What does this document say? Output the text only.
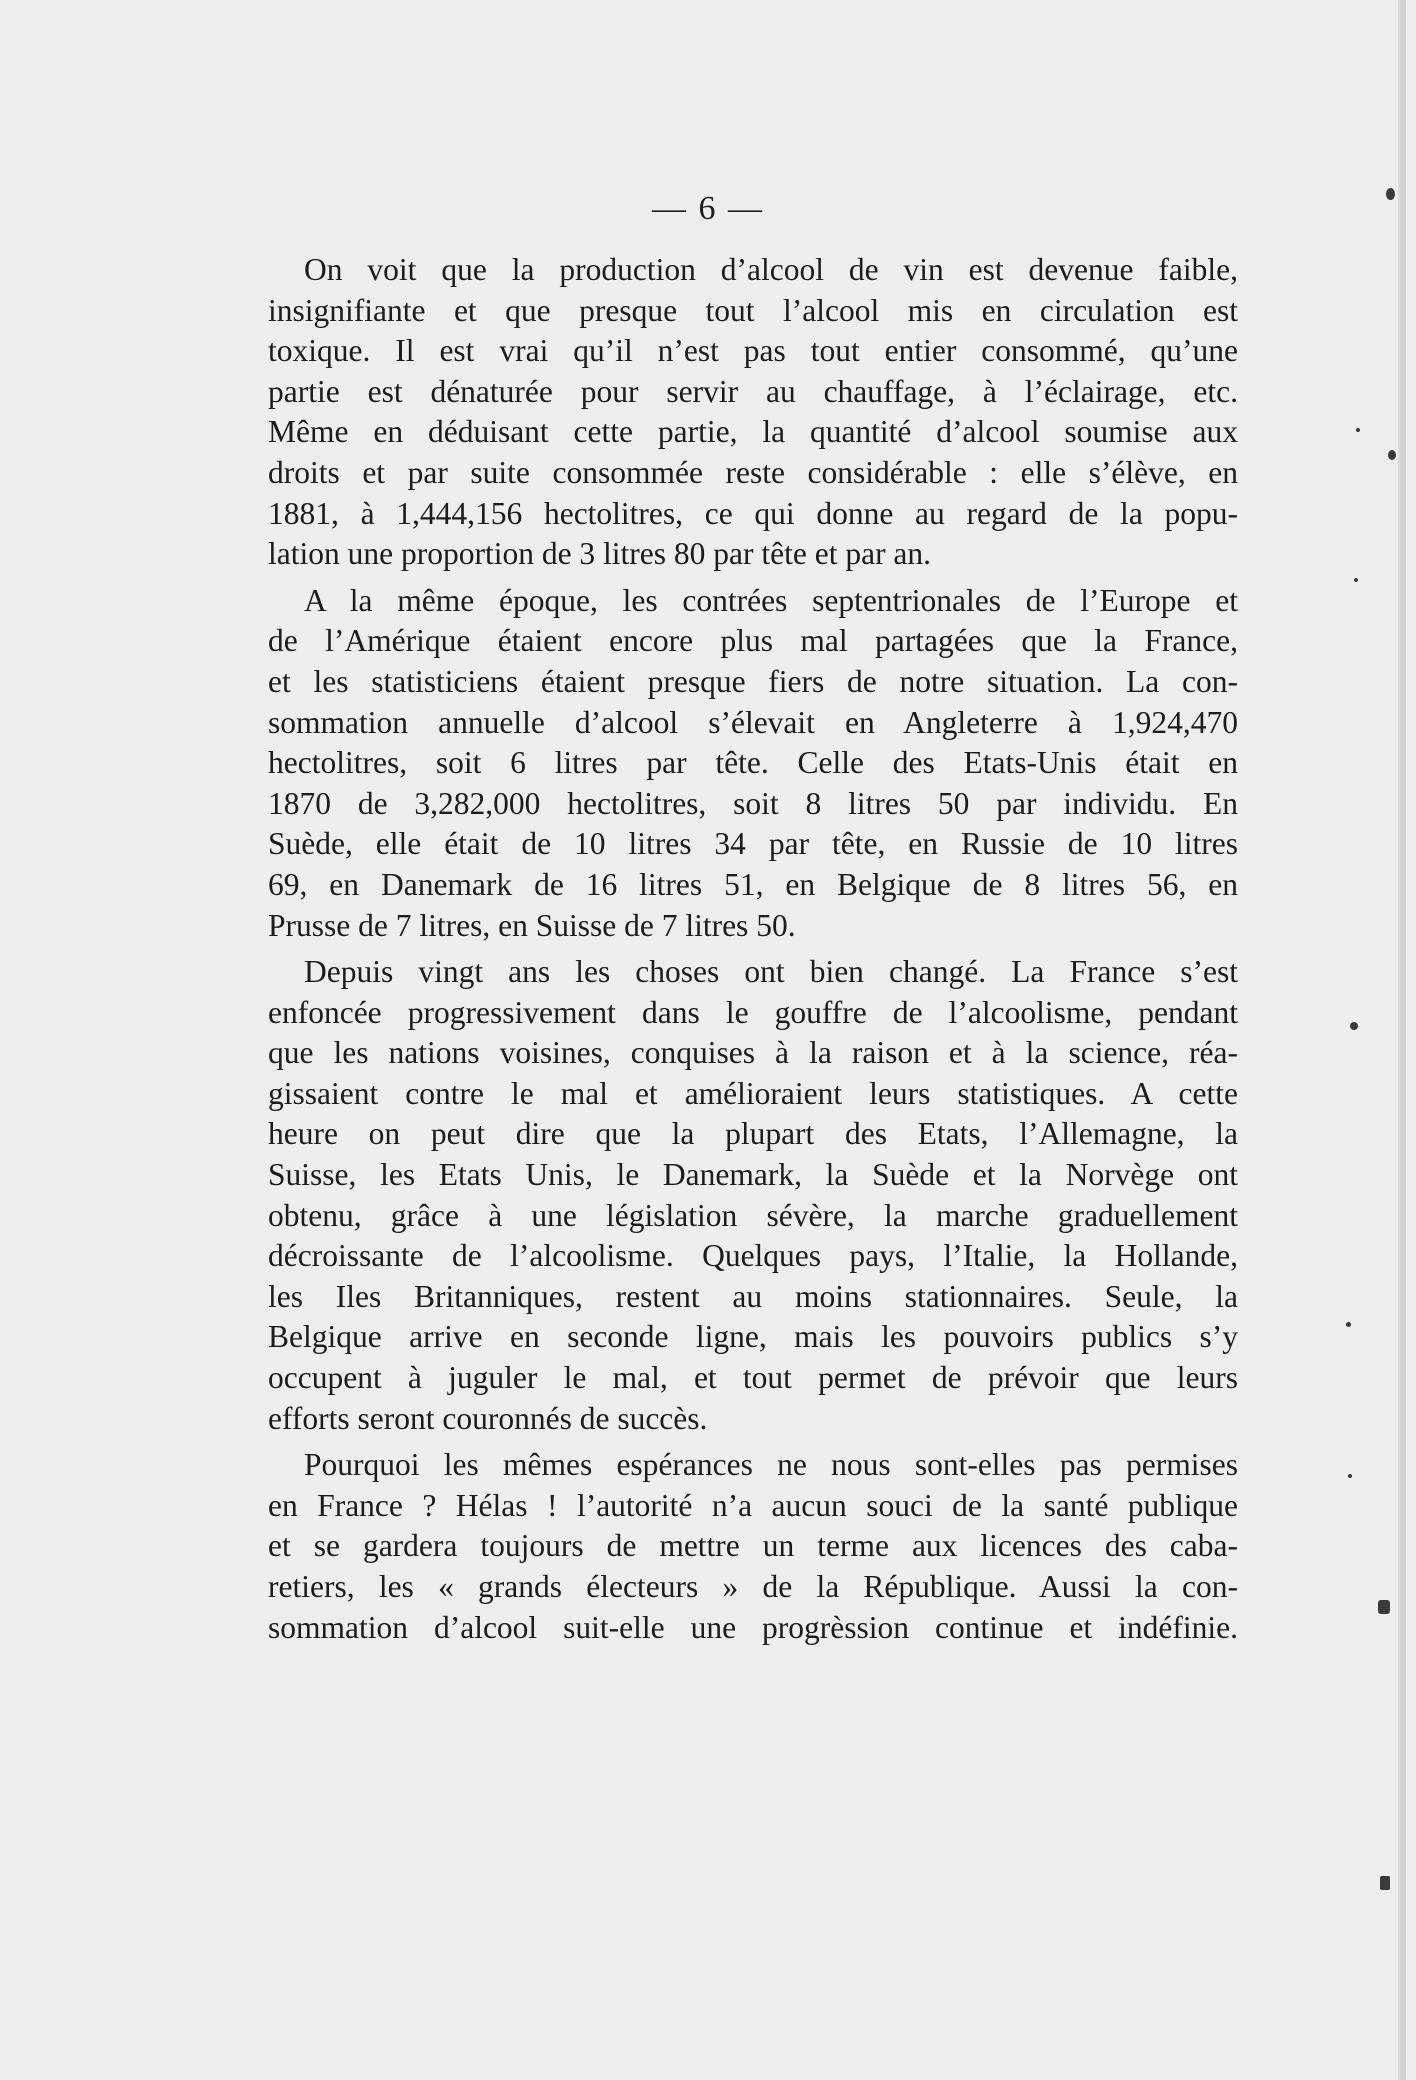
— 6 —
On voit que la production d’alcool de vin est devenue faible,
insignifiante et que presque tout l’alcool mis en circulation est
toxique. Il est vrai qu’il n’est pas tout entier consommé, qu’une
partie est dénaturée pour servir au chauffage, à l’éclairage, etc.
Même en déduisant cette partie, la quantité d’alcool soumise aux
droits et par suite consommée reste considérable : elle s’élève, en
1881, à 1,444,156 hectolitres, ce qui donne au regard de la popu-
lation une proportion de 3 litres 80 par tête et par an.
A la même époque, les contrées septentrionales de l’Europe et
de l’Amérique étaient encore plus mal partagées que la France,
et les statisticiens étaient presque fiers de notre situation. La con-
sommation annuelle d’alcool s’élevait en Angleterre à 1,924,470
hectolitres, soit 6 litres par tête. Celle des Etats-Unis était en
1870 de 3,282,000 hectolitres, soit 8 litres 50 par individu. En
Suède, elle était de 10 litres 34 par tête, en Russie de 10 litres
69, en Danemark de 16 litres 51, en Belgique de 8 litres 56, en
Prusse de 7 litres, en Suisse de 7 litres 50.
Depuis vingt ans les choses ont bien changé. La France s’est
enfoncée progressivement dans le gouffre de l’alcoolisme, pendant
que les nations voisines, conquises à la raison et à la science, réa-
gissaient contre le mal et amélioraient leurs statistiques. A cette
heure on peut dire que la plupart des Etats, l’Allemagne, la
Suisse, les Etats Unis, le Danemark, la Suède et la Norvège ont
obtenu, grâce à une législation sévère, la marche graduellement
décroissante de l’alcoolisme. Quelques pays, l’Italie, la Hollande,
les Iles Britanniques, restent au moins stationnaires. Seule, la
Belgique arrive en seconde ligne, mais les pouvoirs publics s’y
occupent à juguler le mal, et tout permet de prévoir que leurs
efforts seront couronnés de succès.
Pourquoi les mêmes espérances ne nous sont-elles pas permises
en France ? Hélas ! l’autorité n’a aucun souci de la santé publique
et se gardera toujours de mettre un terme aux licences des caba-
retiers, les « grands électeurs » de la République. Aussi la con-
sommation d’alcool suit-elle une progrèssion continue et indéfinie.
